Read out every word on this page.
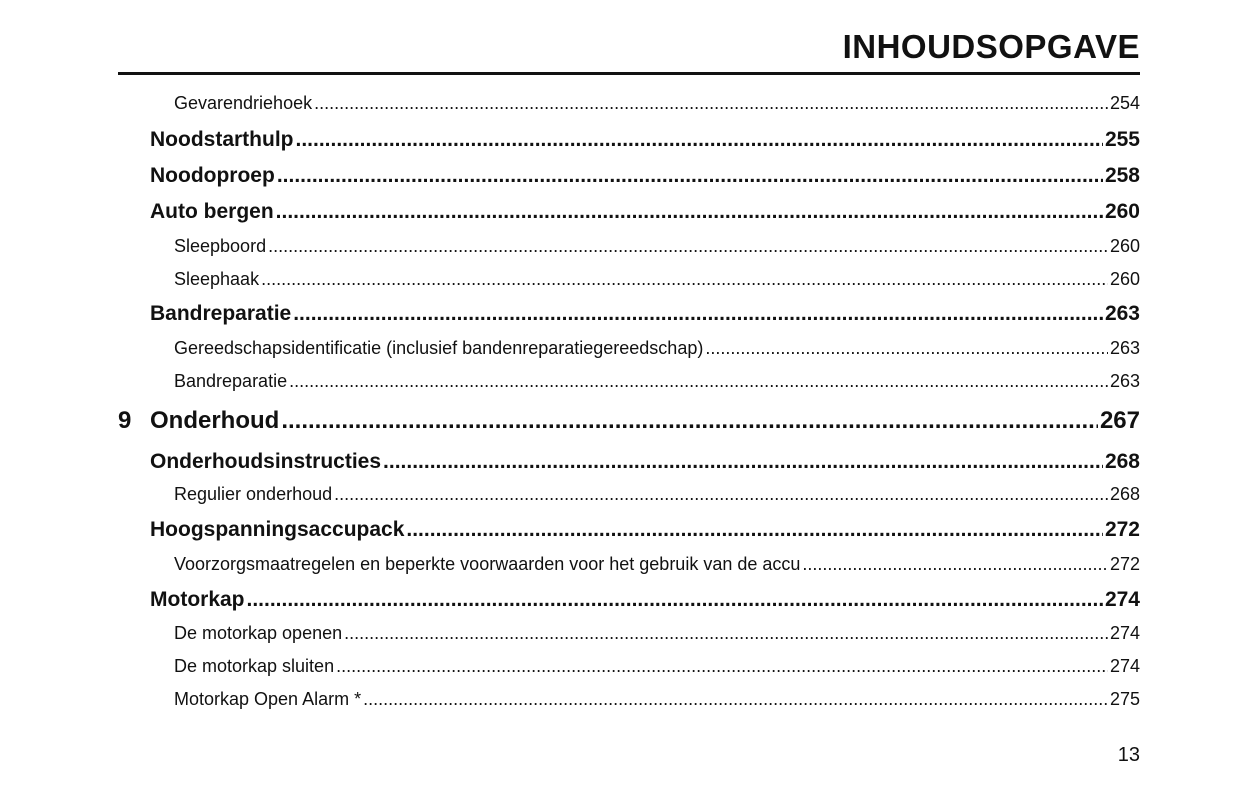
INHOUDSOPGAVE
Gevarendriehoek .....	254
Noodstarthulp .....	255
Noodoproep .....	258
Auto bergen .....	260
Sleepboord .....	260
Sleephaak .....	260
Bandreparatie .....	263
Gereedschapsidentificatie (inclusief bandenreparatiegereedschap) .....	263
Bandreparatie .....	263
9 Onderhoud .....	267
Onderhoudsinstructies .....	268
Regulier onderhoud .....	268
Hoogspanningsaccupack .....	272
Voorzorgsmaatregelen en beperkte voorwaarden voor het gebruik van de accu .....	272
Motorkap .....	274
De motorkap openen .....	274
De motorkap sluiten .....	274
Motorkap Open Alarm * .....	275
13
